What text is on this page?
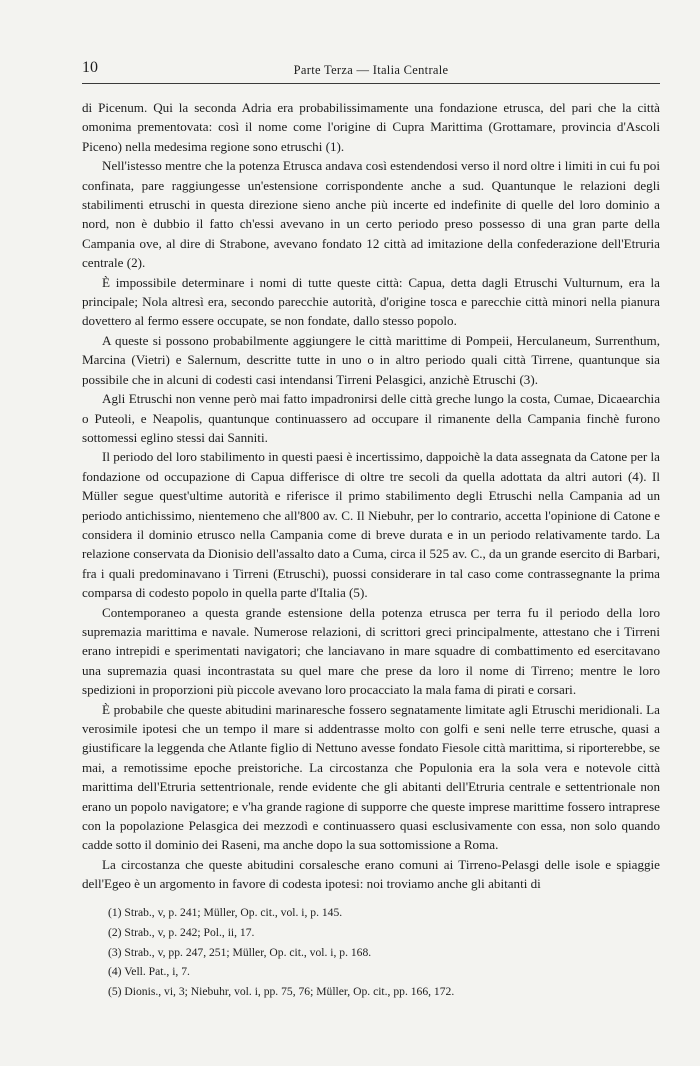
10	Parte Terza — Italia Centrale

di Picenum. Qui la seconda Adria era probabilissimamente una fondazione etrusca, del pari che la città omonima prementovata: così il nome come l'origine di Cupra Marittima (Grottamare, provincia d'Ascoli Piceno) nella medesima regione sono etruschi (1).

Nell'istesso mentre che la potenza Etrusca andava così estendendosi verso il nord oltre i limiti in cui fu poi confinata, pare raggiungesse un'estensione corrispondente anche a sud. Quantunque le relazioni degli stabilimenti etruschi in questa direzione sieno anche più incerte ed indefinite di quelle del loro dominio a nord, non è dubbio il fatto ch'essi avevano in un certo periodo preso possesso di una gran parte della Campania ove, al dire di Strabone, avevano fondato 12 città ad imitazione della confederazione dell'Etruria centrale (2).

È impossibile determinare i nomi di tutte queste città: Capua, detta dagli Etruschi Vulturnum, era la principale; Nola altresì era, secondo parecchie autorità, d'origine tosca e parecchie città minori nella pianura dovettero al fermo essere occupate, se non fondate, dallo stesso popolo.

A queste si possono probabilmente aggiungere le città marittime di Pompeii, Herculaneum, Surrenthum, Marcina (Vietri) e Salernum, descritte tutte in uno o in altro periodo quali città Tirrene, quantunque sia possibile che in alcuni di codesti casi intendansi Tirreni Pelasgici, anzichè Etruschi (3).

Agli Etruschi non venne però mai fatto impadronirsi delle città greche lungo la costa, Cumae, Dicaearchia o Puteoli, e Neapolis, quantunque continuassero ad occupare il rimanente della Campania finchè furono sottomessi eglino stessi dai Sanniti.

Il periodo del loro stabilimento in questi paesi è incertissimo, dappoichè la data assegnata da Catone per la fondazione od occupazione di Capua differisce di oltre tre secoli da quella adottata da altri autori (4). Il Müller segue quest'ultime autorità e riferisce il primo stabilimento degli Etruschi nella Campania ad un periodo antichissimo, nientemeno che all'800 av. C. Il Niebuhr, per lo contrario, accetta l'opinione di Catone e considera il dominio etrusco nella Campania come di breve durata e in un periodo relativamente tardo. La relazione conservata da Dionisio dell'assalto dato a Cuma, circa il 525 av. C., da un grande esercito di Barbari, fra i quali predominavano i Tirreni (Etruschi), puossi considerare in tal caso come contrassegnante la prima comparsa di codesto popolo in quella parte d'Italia (5).

Contemporaneo a questa grande estensione della potenza etrusca per terra fu il periodo della loro supremazia marittima e navale. Numerose relazioni, di scrittori greci principalmente, attestano che i Tirreni erano intrepidi e sperimentati navigatori; che lanciavano in mare squadre di combattimento ed esercitavano una supremazia quasi incontrastata su quel mare che prese da loro il nome di Tirreno; mentre le loro spedizioni in proporzioni più piccole avevano loro procacciato la mala fama di pirati e corsari.

È probabile che queste abitudini marinaresche fossero segnatamente limitate agli Etruschi meridionali. La verosimile ipotesi che un tempo il mare si addentrasse molto con golfi e seni nelle terre etrusche, quasi a giustificare la leggenda che Atlante figlio di Nettuno avesse fondato Fiesole città marittima, si riporterebbe, se mai, a remotissime epoche preistoriche. La circostanza che Populonia era la sola vera e notevole città marittima dell'Etruria settentrionale, rende evidente che gli abitanti dell'Etruria centrale e settentrionale non erano un popolo navigatore; e v'ha grande ragione di supporre che queste imprese marittime fossero intraprese con la popolazione Pelasgica dei mezzodì e continuassero quasi esclusivamente con essa, non solo quando cadde sotto il dominio dei Raseni, ma anche dopo la sua sottomissione a Roma.

La circostanza che queste abitudini corsalesche erano comuni ai Tirreno-Pelasgi delle isole e spiaggie dell'Egeo è un argomento in favore di codesta ipotesi: noi troviamo anche gli abitanti di

(1) Strab., v, p. 241; Müller, Op. cit., vol. i, p. 145.
(2) Strab., v, p. 242; Pol., ii, 17.
(3) Strab., v, pp. 247, 251; Müller, Op. cit., vol. i, p. 168.
(4) Vell. Pat., i, 7.
(5) Dionis., vi, 3; Niebuhr, vol. i, pp. 75, 76; Müller, Op. cit., pp. 166, 172.
